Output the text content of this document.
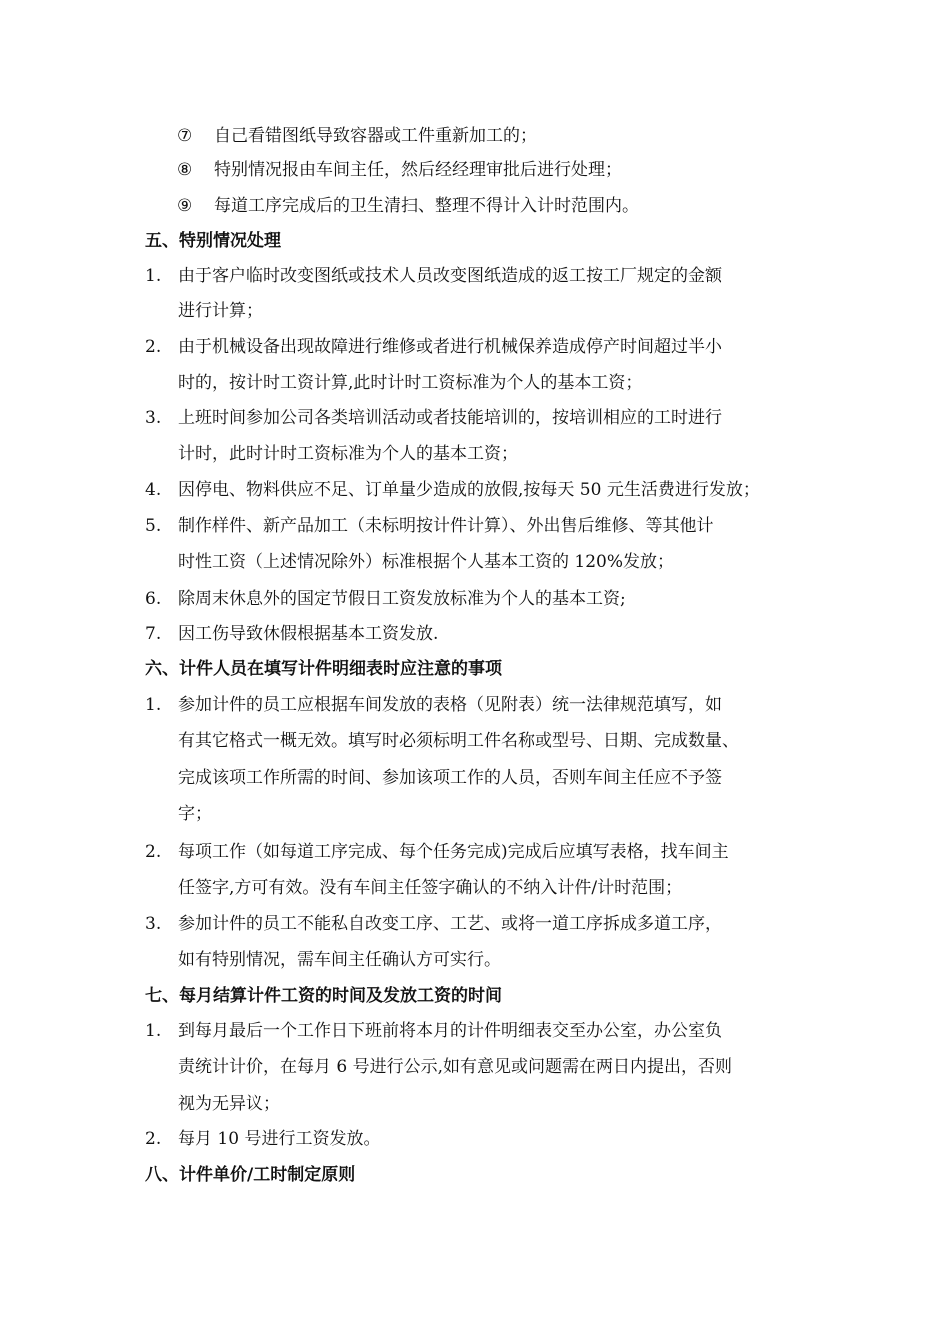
⑦ 自己看错图纸导致容器或工件重新加工的；
⑧ 特别情况报由车间主任，然后经经理审批后进行处理；
⑨ 每道工序完成后的卫生清扫、整理不得计入计时范围内。
五、特别情况处理
1. 由于客户临时改变图纸或技术人员改变图纸造成的返工按工厂规定的金额
进行计算；
2. 由于机械设备出现故障进行维修或者进行机械保养造成停产时间超过半小
时的，按计时工资计算,此时计时工资标准为个人的基本工资；
3. 上班时间参加公司各类培训活动或者技能培训的，按培训相应的工时进行
计时，此时计时工资标准为个人的基本工资；
4. 因停电、物料供应不足、订单量少造成的放假,按每天 50 元生活费进行发放；
5. 制作样件、新产品加工（未标明按计件计算）、外出售后维修、等其他计
时性工资（上述情况除外）标准根据个人基本工资的 120%发放；
6. 除周末休息外的国定节假日工资发放标准为个人的基本工资;
7. 因工伤导致休假根据基本工资发放.
六、计件人员在填写计件明细表时应注意的事项
1. 参加计件的员工应根据车间发放的表格（见附表）统一法律规范填写，如
有其它格式一概无效。填写时必须标明工件名称或型号、日期、完成数量、
完成该项工作所需的时间、参加该项工作的人员，否则车间主任应不予签
字；
2. 每项工作（如每道工序完成、每个任务完成)完成后应填写表格，找车间主
任签字,方可有效。没有车间主任签字确认的不纳入计件/计时范围；
3. 参加计件的员工不能私自改变工序、工艺、或将一道工序拆成多道工序，
如有特别情况，需车间主任确认方可实行。
七、每月结算计件工资的时间及发放工资的时间
1. 到每月最后一个工作日下班前将本月的计件明细表交至办公室，办公室负
责统计计价，在每月 6 号进行公示,如有意见或问题需在两日内提出，否则
视为无异议；
2. 每月 10 号进行工资发放。
八、计件单价/工时制定原则
